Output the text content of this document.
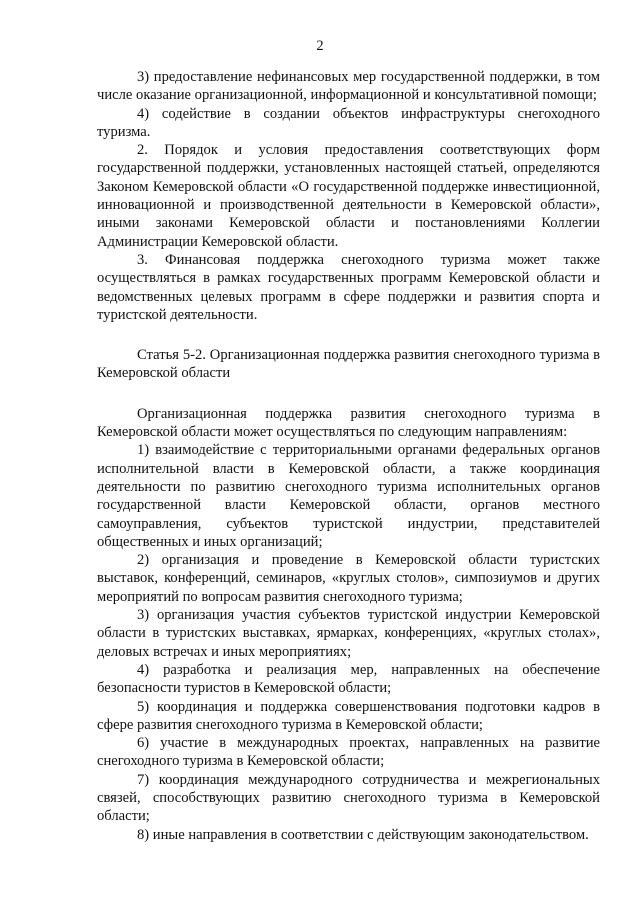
2

3) предоставление нефинансовых мер государственной поддержки, в том числе оказание организационной, информационной и консультативной помощи;

4) содействие в создании объектов инфраструктуры снегоходного туризма.

2. Порядок и условия предоставления соответствующих форм государственной поддержки, установленных настоящей статьей, определяются Законом Кемеровской области «О государственной поддержке инвестиционной, инновационной и производственной деятельности в Кемеровской области», иными законами Кемеровской области и постановлениями Коллегии Администрации Кемеровской области.

3. Финансовая поддержка снегоходного туризма может также осуществляться в рамках государственных программ Кемеровской области и ведомственных целевых программ в сфере поддержки и развития спорта и туристской деятельности.

Статья 5-2. Организационная поддержка развития снегоходного туризма в Кемеровской области

Организационная поддержка развития снегоходного туризма в Кемеровской области может осуществляться по следующим направлениям:

1) взаимодействие с территориальными органами федеральных органов исполнительной власти в Кемеровской области, а также координация деятельности по развитию снегоходного туризма исполнительных органов государственной власти Кемеровской области, органов местного самоуправления, субъектов туристской индустрии, представителей общественных и иных организаций;

2) организация и проведение в Кемеровской области туристских выставок, конференций, семинаров, «круглых столов», симпозиумов и других мероприятий по вопросам развития снегоходного туризма;

3) организация участия субъектов туристской индустрии Кемеровской области в туристских выставках, ярмарках, конференциях, «круглых столах», деловых встречах и иных мероприятиях;

4) разработка и реализация мер, направленных на обеспечение безопасности туристов в Кемеровской области;

5) координация и поддержка совершенствования подготовки кадров в сфере развития снегоходного туризма в Кемеровской области;

6) участие в международных проектах, направленных на развитие снегоходного туризма в Кемеровской области;

7) координация международного сотрудничества и межрегиональных связей, способствующих развитию снегоходного туризма в Кемеровской области;

8) иные направления в соответствии с действующим законодательством.
